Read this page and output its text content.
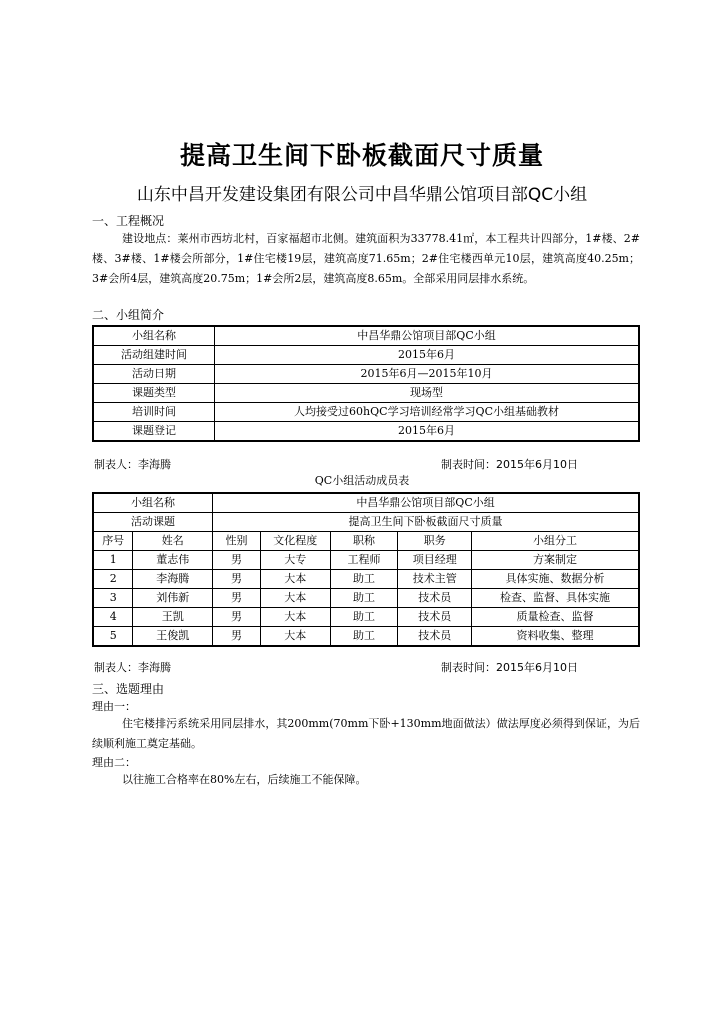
提高卫生间下卧板截面尺寸质量
山东中昌开发建设集团有限公司中昌华鼎公馆项目部QC小组
一、工程概况
建设地点：莱州市西坊北村，百家福超市北侧。建筑面积为33778.41㎡，本工程共计四部分，1#楼、2#楼、3#楼、1#楼会所部分，1#住宅楼19层，建筑高度71.65m；2#住宅楼西单元10层，建筑高度40.25m；3#会所4层，建筑高度20.75m；1#会所2层，建筑高度8.65m。全部采用同层排水系统。
二、小组简介
小组名称	中昌华鼎公馆项目部QC小组
活动组建时间	2015年6月
活动日期	2015年6月—2015年10月
课题类型	现场型
培训时间	人均接受过60hQC学习培训经常学习QC小组基础教材
课题登记	2015年6月
制表人：李海腾	制表时间：2015年6月10日
QC小组活动成员表
小组名称		中昌华鼎公馆项目部QC小组				
活动课题		提高卫生间下卧板截面尺寸质量				
序号	姓名	性别	文化程度	职称	职务	小组分工
1	董志伟	男	大专	工程师	项目经理	方案制定
2	李海腾	男	大本	助工	技术主管	具体实施、数据分析
3	刘伟新	男	大本	助工	技术员	检查、监督、具体实施
4	王凯	男	大本	助工	技术员	质量检查、监督
5	王俊凯	男	大本	助工	技术员	资料收集、整理
制表人：李海腾	制表时间：2015年6月10日
三、选题理由
理由一：
住宅楼排污系统采用同层排水，其200mm(70mm下卧+130mm地面做法）做法厚度必须得到保证，为后续顺利施工奠定基础。
理由二：
以往施工合格率在80%左右，后续施工不能保障。
